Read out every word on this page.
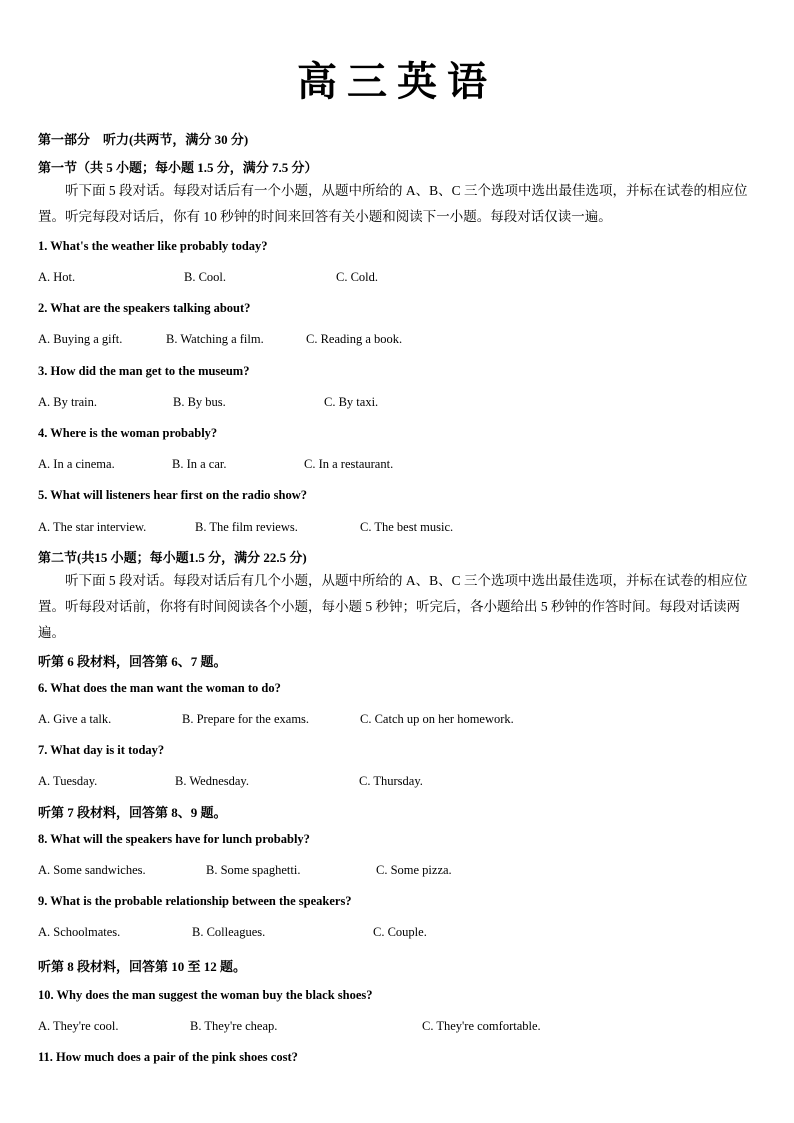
高三英语
第一部分　听力(共两节，满分 30 分)
第一节（共 5 小题；每小题 1.5 分，满分 7.5 分）
听下面 5 段对话。每段对话后有一个小题，从题中所给的 A、B、C 三个选项中选出最佳选项，并标在试卷的相应位置。听完每段对话后，你有 10 秒钟的时间来回答有关小题和阅读下一小题。每段对话仅读一遍。
1. What's the weather like probably today?
A. Hot.	B. Cool.	C. Cold.
2. What are the speakers talking about?
A. Buying a gift.	B. Watching a film.	C. Reading a book.
3. How did the man get to the museum?
A. By train.	B. By bus.	C. By taxi.
4. Where is the woman probably?
A. In a cinema.	B. In a car.	C. In a restaurant.
5. What will listeners hear first on the radio show?
A. The star interview.	B. The film reviews.	C. The best music.
第二节(共15 小题；每小题1.5 分，满分 22.5 分)
听下面 5 段对话。每段对话后有几个小题，从题中所给的 A、B、C 三个选项中选出最佳选项，并标在试卷的相应位置。听每段对话前，你将有时间阅读各个小题，每小题 5 秒钟；听完后，各小题给出 5 秒钟的作答时间。每段对话读两遍。
听第 6 段材料，回答第 6、7 题。
6. What does the man want the woman to do?
A. Give a talk.	B. Prepare for the exams.	C. Catch up on her homework.
7. What day is it today?
A. Tuesday.	B. Wednesday.	C. Thursday.
听第 7 段材料，回答第 8、9 题。
8. What will the speakers have for lunch probably?
A. Some sandwiches.	B. Some spaghetti.	C. Some pizza.
9. What is the probable relationship between the speakers?
A. Schoolmates.	B. Colleagues.	C. Couple.
听第 8 段材料，回答第 10 至 12 题。
10. Why does the man suggest the woman buy the black shoes?
A. They're cool.	B. They're cheap.	C. They're comfortable.
11. How much does a pair of the pink shoes cost?
